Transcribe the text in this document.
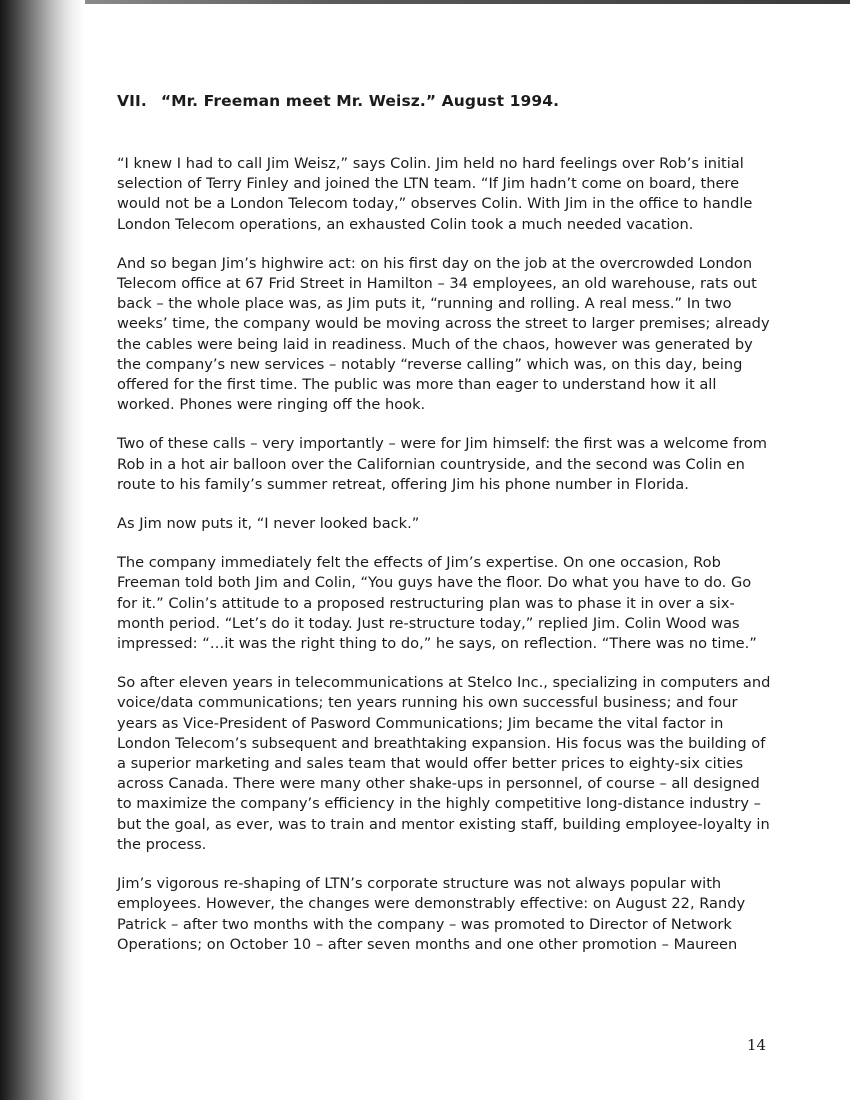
VII. “Mr. Freeman meet Mr. Weisz.” August 1994.

“I knew I had to call Jim Weisz,” says Colin. Jim held no hard feelings over Rob’s initial selection of Terry Finley and joined the LTN team. “If Jim hadn’t come on board, there would not be a London Telecom today,” observes Colin. With Jim in the office to handle London Telecom operations, an exhausted Colin took a much needed vacation.

And so began Jim’s highwire act: on his first day on the job at the overcrowded London Telecom office at 67 Frid Street in Hamilton – 34 employees, an old warehouse, rats out back – the whole place was, as Jim puts it, “running and rolling. A real mess.” In two weeks’ time, the company would be moving across the street to larger premises; already the cables were being laid in readiness. Much of the chaos, however was generated by the company’s new services – notably “reverse calling” which was, on this day, being offered for the first time. The public was more than eager to understand how it all worked. Phones were ringing off the hook.

Two of these calls – very importantly – were for Jim himself: the first was a welcome from Rob in a hot air balloon over the Californian countryside, and the second was Colin en route to his family’s summer retreat, offering Jim his phone number in Florida.

As Jim now puts it, “I never looked back.”

The company immediately felt the effects of Jim’s expertise. On one occasion, Rob Freeman told both Jim and Colin, “You guys have the floor. Do what you have to do. Go for it.” Colin’s attitude to a proposed restructuring plan was to phase it in over a six-month period. “Let’s do it today. Just re-structure today,” replied Jim. Colin Wood was impressed: “…it was the right thing to do,” he says, on reflection. “There was no time.”

So after eleven years in telecommunications at Stelco Inc., specializing in computers and voice/data communications; ten years running his own successful business; and four years as Vice-President of Pasword Communications; Jim became the vital factor in London Telecom’s subsequent and breathtaking expansion. His focus was the building of a superior marketing and sales team that would offer better prices to eighty-six cities across Canada. There were many other shake-ups in personnel, of course – all designed to maximize the company’s efficiency in the highly competitive long-distance industry – but the goal, as ever, was to train and mentor existing staff, building employee-loyalty in the process.

Jim’s vigorous re-shaping of LTN’s corporate structure was not always popular with employees. However, the changes were demonstrably effective: on August 22, Randy Patrick – after two months with the company – was promoted to Director of Network Operations; on October 10 – after seven months and one other promotion – Maureen

14
